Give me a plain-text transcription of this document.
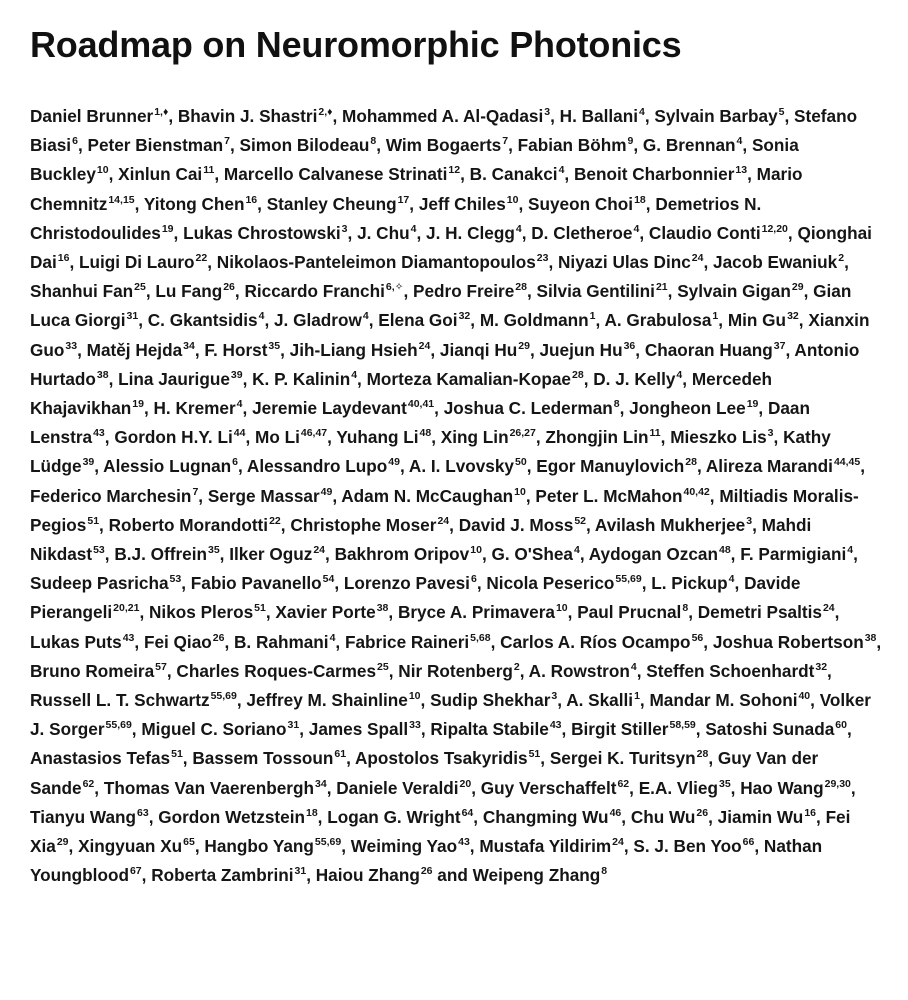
Roadmap on Neuromorphic Photonics
Daniel Brunner$^{1,♦}$, Bhavin J. Shastri$^{2,♦}$, Mohammed A. Al-Qadasi$^3$, H. Ballani$^4$, Sylvain Barbay$^5$, Stefano Biasi$^6$, Peter Bienstman$^7$, Simon Bilodeau$^8$, Wim Bogaerts$^7$, Fabian Böhm$^9$, G. Brennan$^4$, Sonia Buckley$^{10}$, Xinlun Cai$^{11}$, Marcello Calvanese Strinati$^{12}$, B. Canakci$^4$, Benoit Charbonnier$^{13}$, Mario Chemnitz$^{14,15}$, Yitong Chen$^{16}$, Stanley Cheung$^{17}$, Jeff Chiles$^{10}$, Suyeon Choi$^{18}$, Demetrios N. Christodoulides$^{19}$, Lukas Chrostowski$^3$, J. Chu$^4$, J. H. Clegg$^4$, D. Cletheroe$^4$, Claudio Conti$^{12,20}$, Qionghai Dai$^{16}$, Luigi Di Lauro$^{22}$, Nikolaos-Panteleimon Diamantopoulos$^{23}$, Niyazi Ulas Dinc$^{24}$, Jacob Ewaniuk$^2$, Shanhui Fan$^{25}$, Lu Fang$^{26}$, Riccardo Franchi$^{6,✧}$, Pedro Freire$^{28}$, Silvia Gentilini$^{21}$, Sylvain Gigan$^{29}$, Gian Luca Giorgi$^{31}$, C. Gkantsidis$^4$, J. Gladrow$^4$, Elena Goi$^{32}$, M. Goldmann$^1$, A. Grabulosa$^1$, Min Gu$^{32}$, Xianxin Guo$^{33}$, Matěj Hejda$^{34}$, F. Horst$^{35}$, Jih-Liang Hsieh$^{24}$, Jianqi Hu$^{29}$, Juejun Hu$^{36}$, Chaoran Huang$^{37}$, Antonio Hurtado$^{38}$, Lina Jaurigue$^{39}$, K. P. Kalinin$^4$, Morteza Kamalian-Kopae$^{28}$, D. J. Kelly$^4$, Mercedeh Khajavikhan$^{19}$, H. Kremer$^4$, Jeremie Laydevant$^{40,41}$, Joshua C. Lederman$^8$, Jongheon Lee$^{19}$, Daan Lenstra$^{43}$, Gordon H.Y. Li$^{44}$, Mo Li$^{46,47}$, Yuhang Li$^{48}$, Xing Lin$^{26,27}$, Zhongjin Lin$^{11}$, Mieszko Lis$^3$, Kathy Lüdge$^{39}$, Alessio Lugnan$^6$, Alessandro Lupo$^{49}$, A. I. Lvovsky$^{50}$, Egor Manuylovich$^{28}$, Alireza Marandi$^{44,45}$, Federico Marchesin$^7$, Serge Massar$^{49}$, Adam N. McCaughan$^{10}$, Peter L. McMahon$^{40,42}$, Miltiadis Moralis-Pegios$^{51}$, Roberto Morandotti$^{22}$, Christophe Moser$^{24}$, David J. Moss$^{52}$, Avilash Mukherjee$^3$, Mahdi Nikdast$^{53}$, B.J. Offrein$^{35}$, Ilker Oguz$^{24}$, Bakhrom Oripov$^{10}$, G. O'Shea$^4$, Aydogan Ozcan$^{48}$, F. Parmigiani$^4$, Sudeep Pasricha$^{53}$, Fabio Pavanello$^{54}$, Lorenzo Pavesi$^6$, Nicola Peserico$^{55,69}$, L. Pickup$^4$, Davide Pierangeli$^{20,21}$, Nikos Pleros$^{51}$, Xavier Porte$^{38}$, Bryce A. Primavera$^{10}$, Paul Prucnal$^8$, Demetri Psaltis$^{24}$, Lukas Puts$^{43}$, Fei Qiao$^{26}$, B. Rahmani$^4$, Fabrice Raineri$^{5,68}$, Carlos A. Ríos Ocampo$^{56}$, Joshua Robertson$^{38}$, Bruno Romeira$^{57}$, Charles Roques-Carmes$^{25}$, Nir Rotenberg$^2$, A. Rowstron$^4$, Steffen Schoenhardt$^{32}$, Russell L. T. Schwartz$^{55,69}$, Jeffrey M. Shainline$^{10}$, Sudip Shekhar$^3$, A. Skalli$^1$, Mandar M. Sohoni$^{40}$, Volker J. Sorger$^{55,69}$, Miguel C. Soriano$^{31}$, James Spall$^{33}$, Ripalta Stabile$^{43}$, Birgit Stiller$^{58,59}$, Satoshi Sunada$^{60}$, Anastasios Tefas$^{51}$, Bassem Tossoun$^{61}$, Apostolos Tsakyridis$^{51}$, Sergei K. Turitsyn$^{28}$, Guy Van der Sande$^{62}$, Thomas Van Vaerenbergh$^{34}$, Daniele Veraldi$^{20}$, Guy Verschaffelt$^{62}$, E.A. Vlieg$^{35}$, Hao Wang$^{29,30}$, Tianyu Wang$^{63}$, Gordon Wetzstein$^{18}$, Logan G. Wright$^{64}$, Changming Wu$^{46}$, Chu Wu$^{26}$, Jiamin Wu$^{16}$, Fei Xia$^{29}$, Xingyuan Xu$^{65}$, Hangbo Yang$^{55,69}$, Weiming Yao$^{43}$, Mustafa Yildirim$^{24}$, S. J. Ben Yoo$^{66}$, Nathan Youngblood$^{67}$, Roberta Zambrini$^{31}$, Haiou Zhang$^{26}$ and Weipeng Zhang$^8$
